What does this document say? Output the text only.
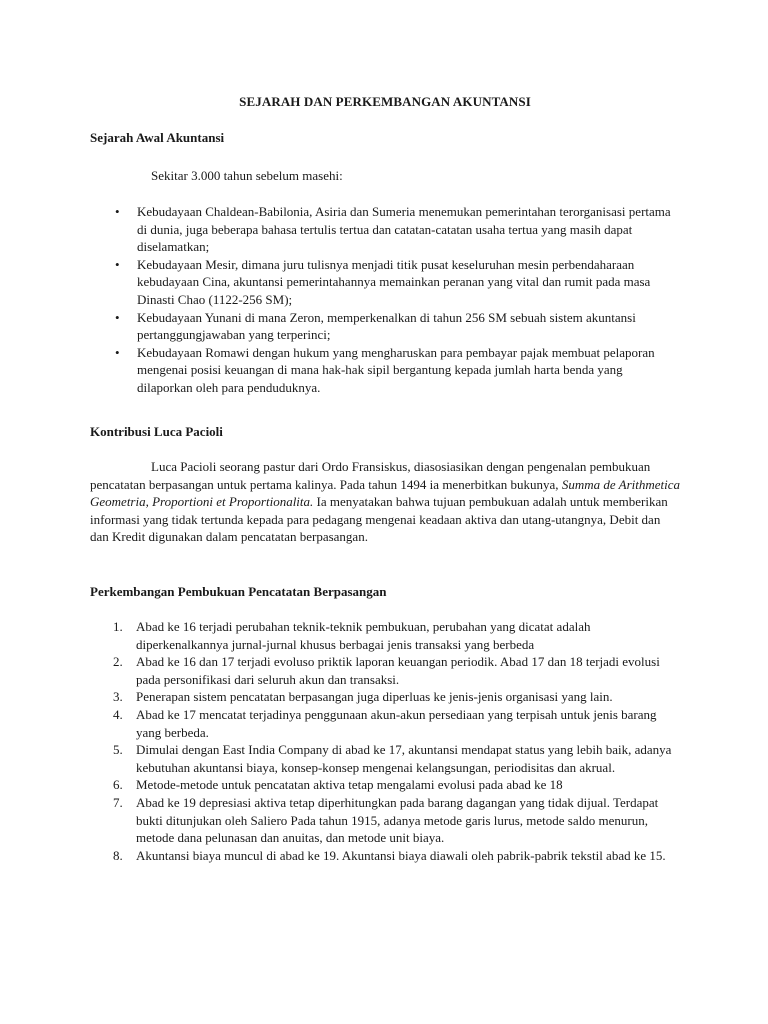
SEJARAH DAN PERKEMBANGAN AKUNTANSI
Sejarah Awal Akuntansi
Sekitar 3.000 tahun sebelum masehi:
• Kebudayaan Chaldean-Babilonia, Asiria dan Sumeria menemukan pemerintahan terorganisasi pertama di dunia, juga beberapa bahasa tertulis tertua dan catatan-catatan usaha tertua yang masih dapat diselamatkan;
• Kebudayaan Mesir, dimana juru tulisnya menjadi titik pusat keseluruhan mesin perbendaharaan kebudayaan Cina, akuntansi pemerintahannya memainkan peranan yang vital dan rumit pada masa Dinasti Chao (1122-256 SM);
• Kebudayaan Yunani di mana Zeron, memperkenalkan di tahun 256 SM sebuah sistem akuntansi pertanggungjawaban yang terperinci;
• Kebudayaan Romawi dengan hukum yang mengharuskan para pembayar pajak membuat pelaporan mengenai posisi keuangan di mana hak-hak sipil bergantung kepada jumlah harta benda yang dilaporkan oleh para penduduknya.
Kontribusi Luca Pacioli

Luca Pacioli seorang pastur dari Ordo Fransiskus, diasosiasikan dengan pengenalan pembukuan pencatatan berpasangan untuk pertama kalinya. Pada tahun 1494 ia menerbitkan bukunya, Summa de Arithmetica Geometria, Proportioni et Proportionalita. Ia menyatakan bahwa tujuan pembukuan adalah untuk memberikan informasi yang tidak tertunda kepada para pedagang mengenai keadaan aktiva dan utang-utangnya, Debit dan dan Kredit digunakan dalam pencatatan berpasangan.

Perkembangan Pembukuan Pencatatan Berpasangan
1. Abad ke 16 terjadi perubahan teknik-teknik pembukuan, perubahan yang dicatat adalah diperkenalkannya jurnal-jurnal khusus berbagai jenis transaksi yang berbeda
2. Abad ke 16 dan 17 terjadi evoluso priktik laporan keuangan periodik. Abad 17 dan 18 terjadi evolusi pada personifikasi dari seluruh akun dan transaksi.
3. Penerapan sistem pencatatan berpasangan juga diperluas ke jenis-jenis organisasi yang lain.
4. Abad ke 17 mencatat terjadinya penggunaan akun-akun persediaan yang terpisah untuk jenis barang yang berbeda.
5. Dimulai dengan East India Company di abad ke 17, akuntansi mendapat status yang lebih baik, adanya kebutuhan akuntansi biaya, konsep-konsep mengenai kelangsungan, periodisitas dan akrual.
6. Metode-metode untuk pencatatan aktiva tetap mengalami evolusi pada abad ke 18
7. Abad ke 19 depresiasi aktiva tetap diperhitungkan pada barang dagangan yang tidak dijual. Terdapat bukti ditunjukan oleh Saliero Pada tahun 1915, adanya metode garis lurus, metode saldo menurun, metode dana pelunasan dan anuitas, dan metode unit biaya.
8. Akuntansi biaya muncul di abad ke 19. Akuntansi biaya diawali oleh pabrik-pabrik tekstil abad ke 15.
